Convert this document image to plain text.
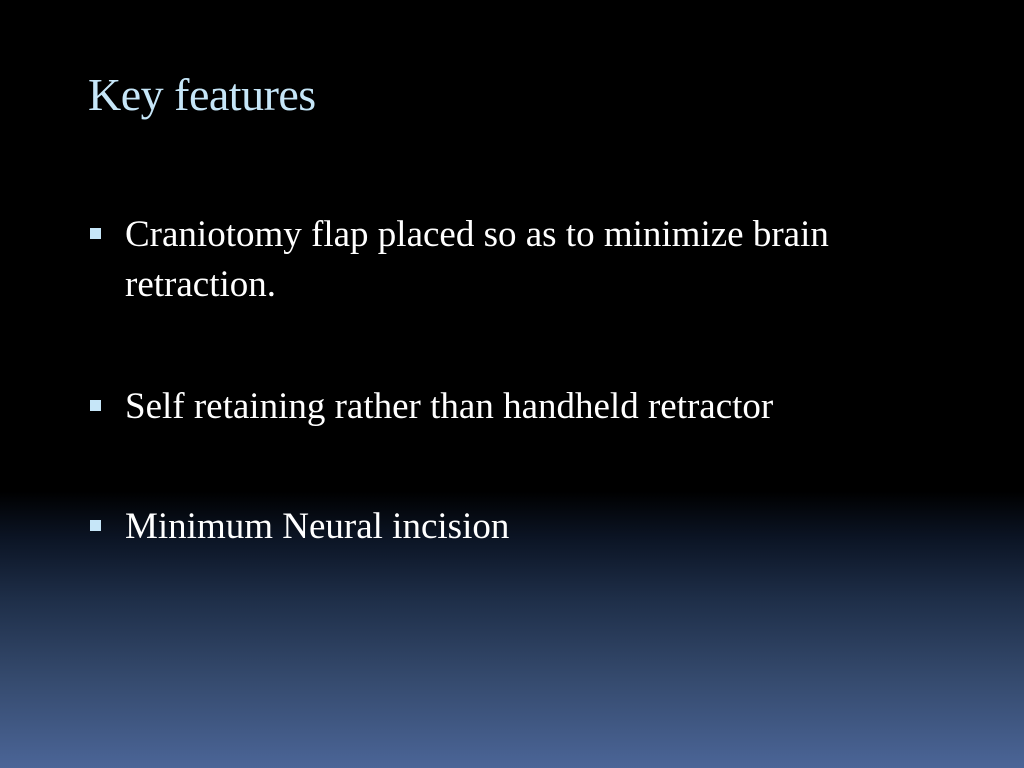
Key features
Craniotomy flap placed so as to minimize brain retraction.
Self retaining rather than handheld retractor
Minimum Neural incision
